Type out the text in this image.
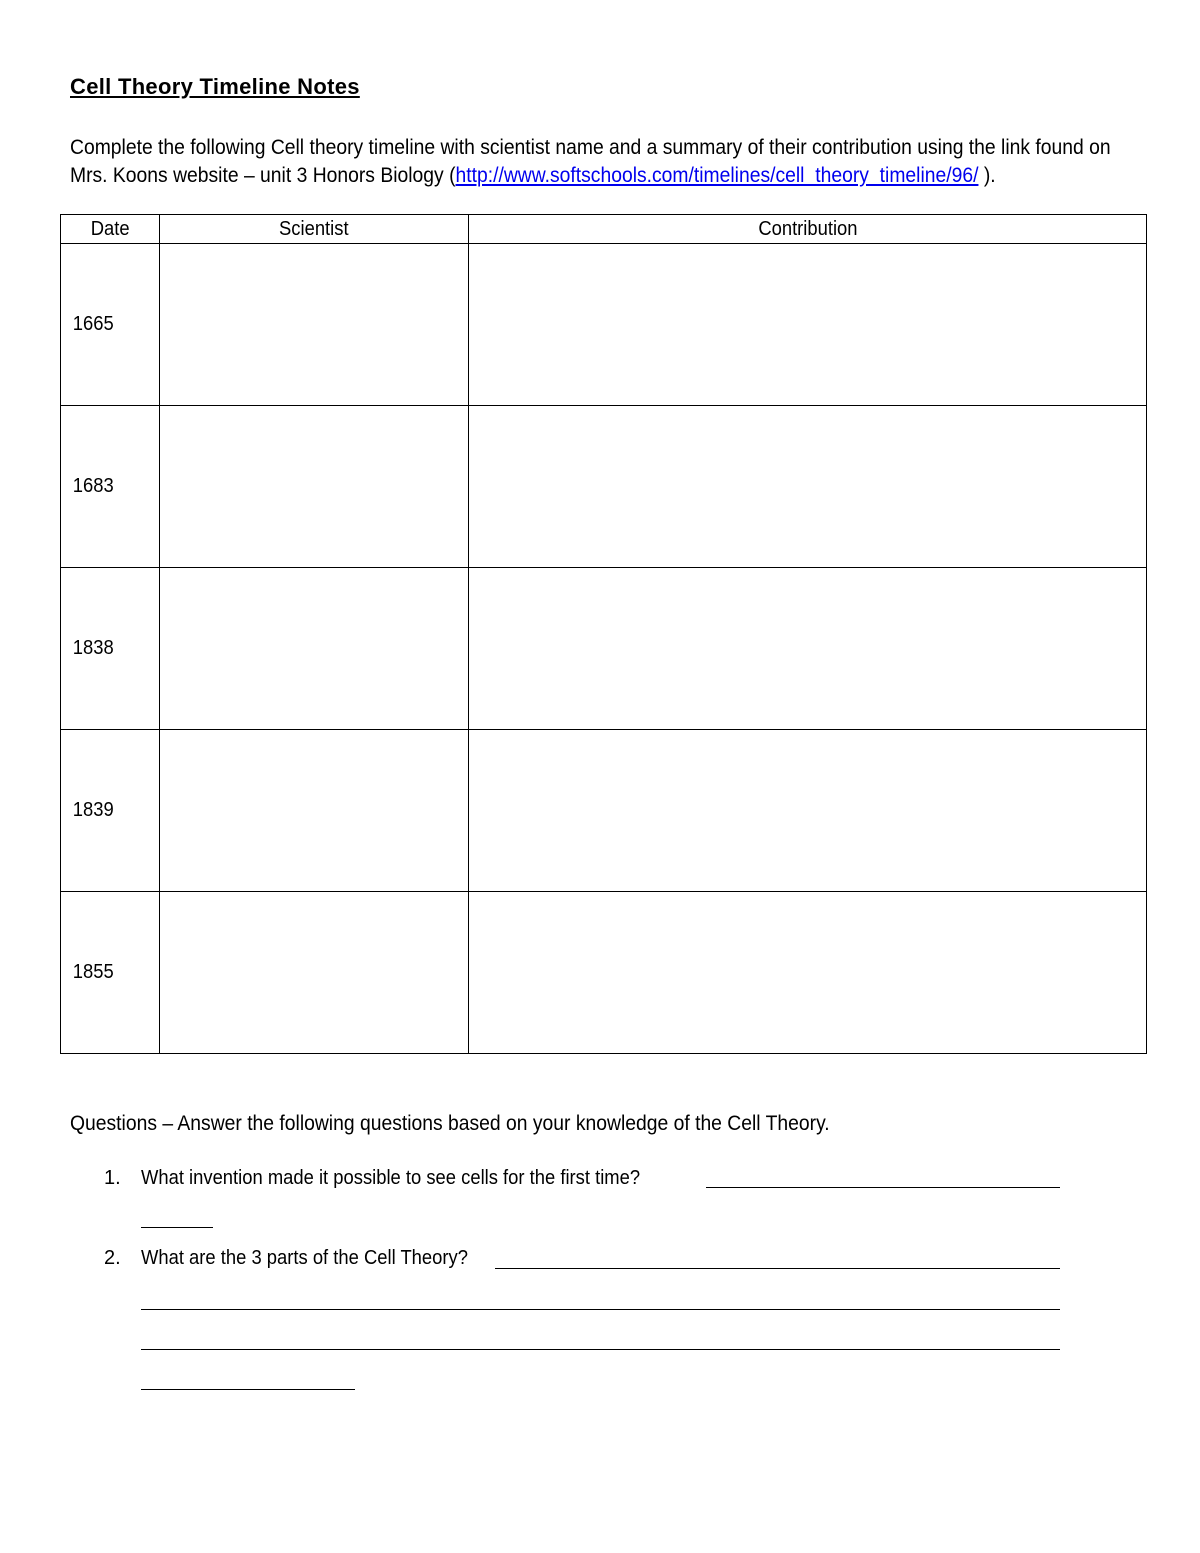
Cell Theory Timeline Notes
Complete the following Cell theory timeline with scientist name and a summary of their contribution using the link found on
Mrs. Koons website – unit 3 Honors Biology (http://www.softschools.com/timelines/cell_theory_timeline/96/ ).
Date	Scientist	Contribution
1665		
1683		
1838		
1839		
1855		
Questions – Answer the following questions based on your knowledge of the Cell Theory.
1. What invention made it possible to see cells for the first time?
2. What are the 3 parts of the Cell Theory?
